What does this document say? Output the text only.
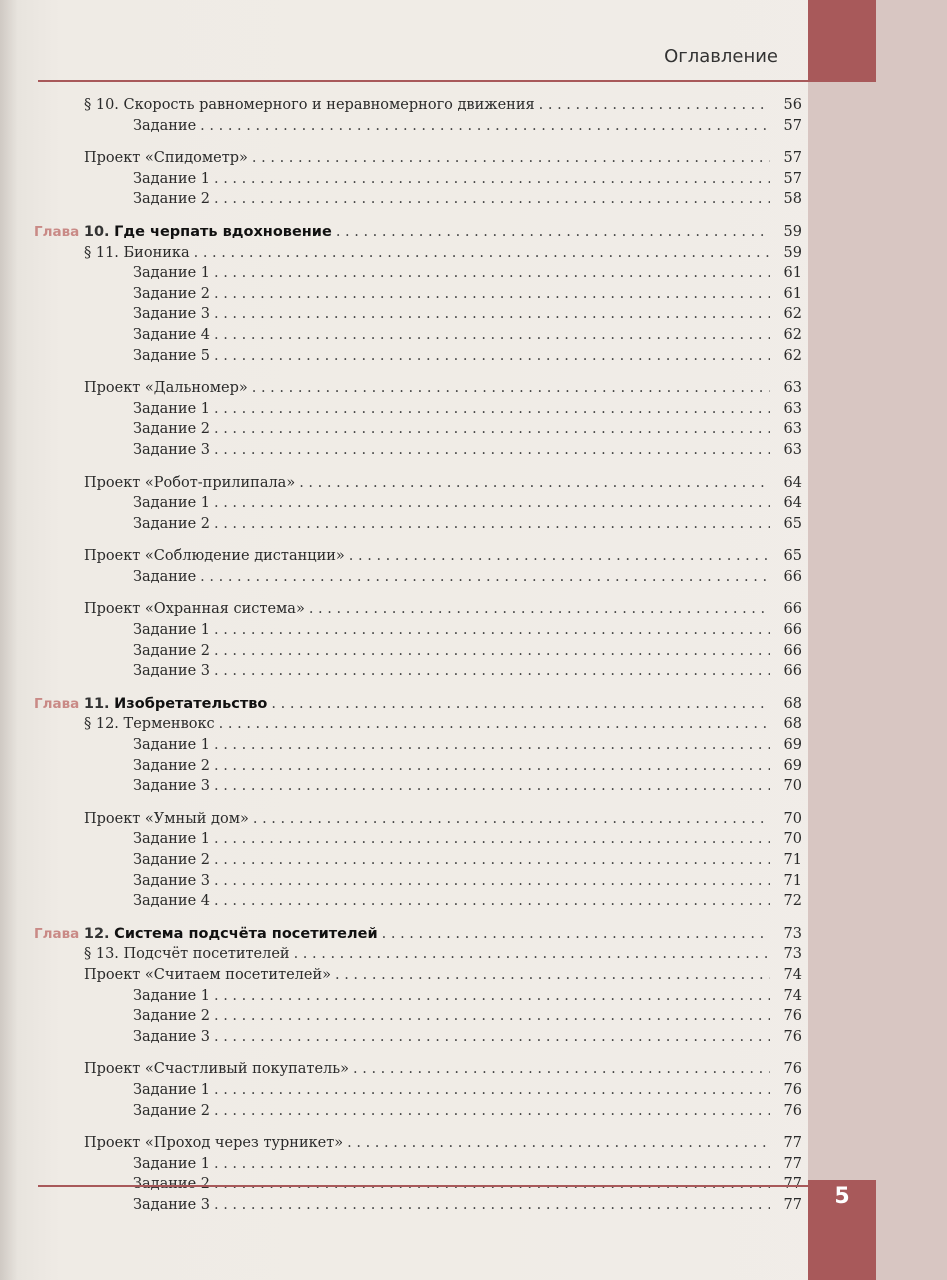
Оглавление
§ 10. Скорость равномерного и неравномерного движения . . .	56
Задание . . .	57
Проект «Спидометр» . . .	57
Задание 1 . . .	57
Задание 2 . . .	58
Глава 10. Где черпать вдохновение . . .	59
§ 11. Бионика . . .	59
Задание 1 . . .	61
Задание 2 . . .	61
Задание 3 . . .	62
Задание 4 . . .	62
Задание 5 . . .	62
Проект «Дальномер» . . .	63
Задание 1 . . .	63
Задание 2 . . .	63
Задание 3 . . .	63
Проект «Робот-прилипала» . . .	64
Задание 1 . . .	64
Задание 2 . . .	65
Проект «Соблюдение дистанции» . . .	65
Задание . . .	66
Проект «Охранная система» . . .	66
Задание 1 . . .	66
Задание 2 . . .	66
Задание 3 . . .	66
Глава 11. Изобретательство . . .	68
§ 12. Терменвокс . . .	68
Задание 1 . . .	69
Задание 2 . . .	69
Задание 3 . . .	70
Проект «Умный дом» . . .	70
Задание 1 . . .	70
Задание 2 . . .	71
Задание 3 . . .	71
Задание 4 . . .	72
Глава 12. Система подсчёта посетителей . . .	73
§ 13. Подсчёт посетителей . . .	73
Проект «Считаем посетителей» . . .	74
Задание 1 . . .	74
Задание 2 . . .	76
Задание 3 . . .	76
Проект «Счастливый покупатель» . . .	76
Задание 1 . . .	76
Задание 2 . . .	76
Проект «Проход через турникет» . . .	77
Задание 1 . . .	77
Задание 2 . . .	77
Задание 3 . . .	77	5
